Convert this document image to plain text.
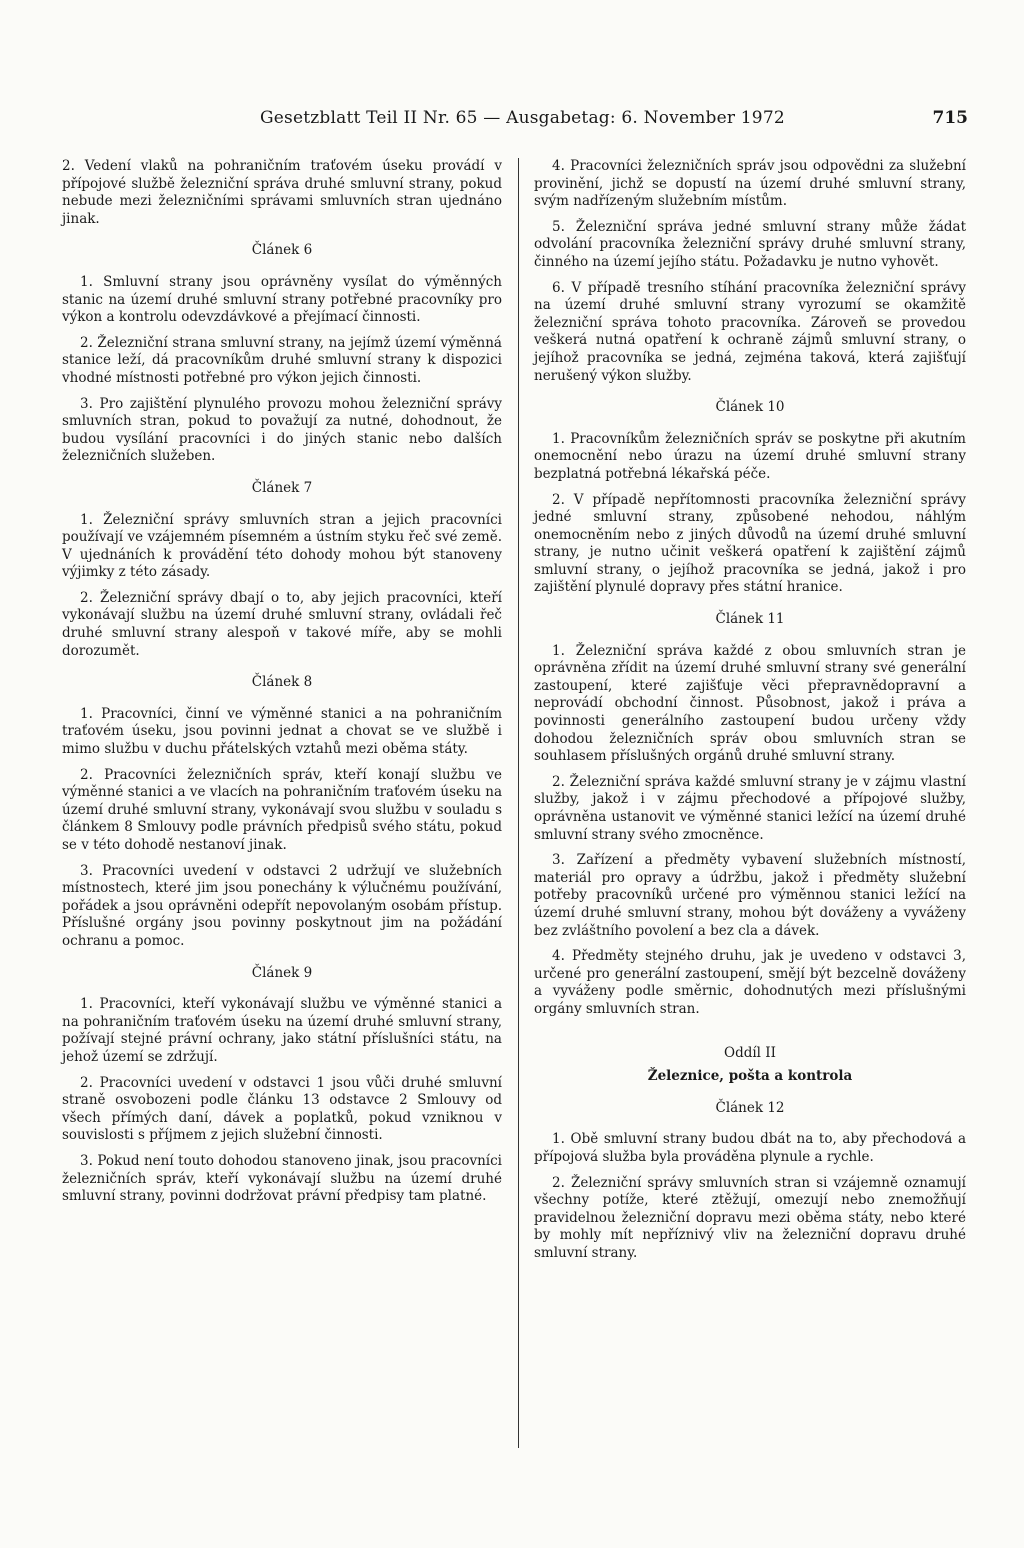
Gesetzblatt Teil II Nr. 65 — Ausgabetag: 6. November 1972	715

2. Vedení vlaků na pohraničním traťovém úseku provádí v přípojové službě železniční správa druhé smluvní strany, pokud nebude mezi železničními správami smluvních stran ujednáno jinak.

Článek 6

1. Smluvní strany jsou oprávněny vysílat do výměnných stanic na území druhé smluvní strany potřebné pracovníky pro výkon a kontrolu odevzdávkové a přejímací činnosti.

2. Železniční strana smluvní strany, na jejímž území výměnná stanice leží, dá pracovníkům druhé smluvní strany k dispozici vhodné místnosti potřebné pro výkon jejich činnosti.

3. Pro zajištění plynulého provozu mohou železniční správy smluvních stran, pokud to považují za nutné, dohodnout, že budou vysílání pracovníci i do jiných stanic nebo dalších železničních služeben.

Článek 7

1. Železniční správy smluvních stran a jejich pracovníci používají ve vzájemném písemném a ústním styku řeč své země. V ujednáních k provádění této dohody mohou být stanoveny výjimky z této zásady.

2. Železniční správy dbají o to, aby jejich pracovníci, kteří vykonávají službu na území druhé smluvní strany, ovládali řeč druhé smluvní strany alespoň v takové míře, aby se mohli dorozumět.

Článek 8

1. Pracovníci, činní ve výměnné stanici a na pohraničním traťovém úseku, jsou povinni jednat a chovat se ve službě i mimo službu v duchu přátelských vztahů mezi oběma státy.

2. Pracovníci železničních správ, kteří konají službu ve výměnné stanici a ve vlacích na pohraničním traťovém úseku na území druhé smluvní strany, vykonávají svou službu v souladu s článkem 8 Smlouvy podle právních předpisů svého státu, pokud se v této dohodě nestanoví jinak.

3. Pracovníci uvedení v odstavci 2 udržují ve služebních místnostech, které jim jsou ponechány k výlučnému používání, pořádek a jsou oprávněni odepřít nepovolaným osobám přístup. Příslušné orgány jsou povinny poskytnout jim na požádání ochranu a pomoc.

Článek 9

1. Pracovníci, kteří vykonávají službu ve výměnné stanici a na pohraničním traťovém úseku na území druhé smluvní strany, požívají stejné právní ochrany, jako státní příslušníci státu, na jehož území se zdržují.

2. Pracovníci uvedení v odstavci 1 jsou vůči druhé smluvní straně osvobozeni podle článku 13 odstavce 2 Smlouvy od všech přímých daní, dávek a poplatků, pokud vzniknou v souvislosti s příjmem z jejich služební činnosti.

3. Pokud není touto dohodou stanoveno jinak, jsou pracovníci železničních správ, kteří vykonávají službu na území druhé smluvní strany, povinni dodržovat právní předpisy tam platné.

4. Pracovníci železničních správ jsou odpovědni za služební provinění, jichž se dopustí na území druhé smluvní strany, svým nadřízeným služebním místům.

5. Železniční správa jedné smluvní strany může žádat odvolání pracovníka železniční správy druhé smluvní strany, činného na území jejího státu. Požadavku je nutno vyhovět.

6. V případě tresního stíhání pracovníka železniční správy na území druhé smluvní strany vyrozumí se okamžitě železniční správa tohoto pracovníka. Zároveň se provedou veškerá nutná opatření k ochraně zájmů smluvní strany, o jejíhož pracovníka se jedná, zejména taková, která zajišťují nerušený výkon služby.

Článek 10

1. Pracovníkům železničních správ se poskytne při akutním onemocnění nebo úrazu na území druhé smluvní strany bezplatná potřebná lékařská péče.

2. V případě nepřítomnosti pracovníka železniční správy jedné smluvní strany, způsobené nehodou, náhlým onemocněním nebo z jiných důvodů na území druhé smluvní strany, je nutno učinit veškerá opatření k zajištění zájmů smluvní strany, o jejíhož pracovníka se jedná, jakož i pro zajištění plynulé dopravy přes státní hranice.

Článek 11

1. Železniční správa každé z obou smluvních stran je oprávněna zřídit na území druhé smluvní strany své generální zastoupení, které zajišťuje věci přepravnědopravní a neprovádí obchodní činnost. Působnost, jakož i práva a povinnosti generálního zastoupení budou určeny vždy dohodou železničních správ obou smluvních stran se souhlasem příslušných orgánů druhé smluvní strany.

2. Železniční správa každé smluvní strany je v zájmu vlastní služby, jakož i v zájmu přechodové a přípojové služby, oprávněna ustanovit ve výměnné stanici ležící na území druhé smluvní strany svého zmocněnce.

3. Zařízení a předměty vybavení služebních místností, materiál pro opravy a údržbu, jakož i předměty služební potřeby pracovníků určené pro výměnnou stanici ležící na území druhé smluvní strany, mohou být dováženy a vyváženy bez zvláštního povolení a bez cla a dávek.

4. Předměty stejného druhu, jak je uvedeno v odstavci 3, určené pro generální zastoupení, smějí být bezcelně dováženy a vyváženy podle směrnic, dohodnutých mezi příslušnými orgány smluvních stran.

Oddíl II
Železnice, pošta a kontrola
Článek 12

1. Obě smluvní strany budou dbát na to, aby přechodová a přípojová služba byla prováděna plynule a rychle.

2. Železniční správy smluvních stran si vzájemně oznamují všechny potíže, které ztěžují, omezují nebo znemožňují pravidelnou železniční dopravu mezi oběma státy, nebo které by mohly mít nepříznivý vliv na železniční dopravu druhé smluvní strany.
